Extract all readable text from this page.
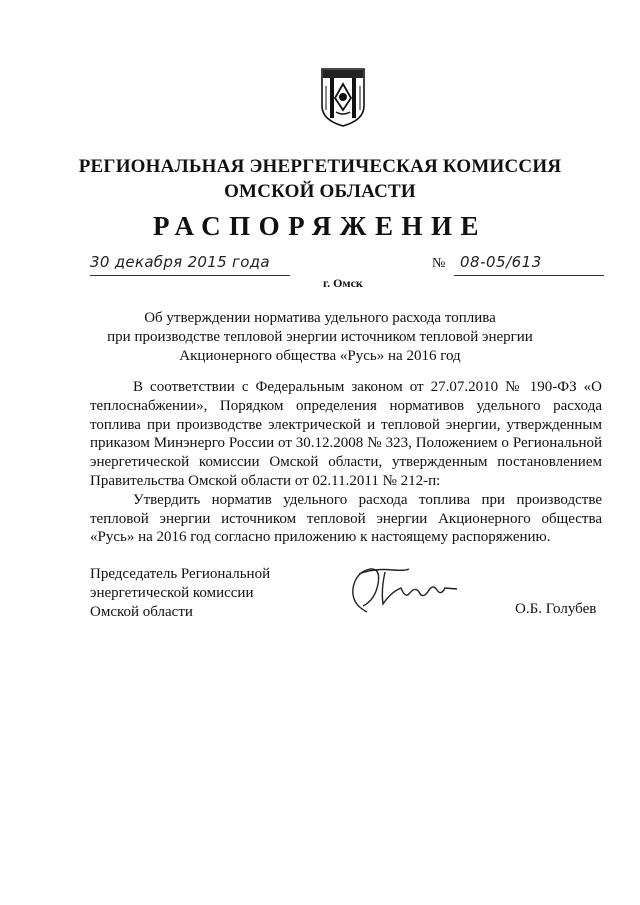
РЕГИОНАЛЬНАЯ ЭНЕРГЕТИЧЕСКАЯ КОМИССИЯ
ОМСКОЙ ОБЛАСТИ
РАСПОРЯЖЕНИЕ
30 декабря 2015 года
г. Омск
№ 08-05/613
Об утверждении норматива удельного расхода топлива
при производстве тепловой энергии источником тепловой энергии
Акционерного общества «Русь» на 2016 год

В соответствии с Федеральным законом от 27.07.2010 № 190-ФЗ «О теплоснабжении», Порядком определения нормативов удельного расхода топлива при производстве электрической и тепловой энергии, утвержденным приказом Минэнерго России от 30.12.2008 № 323, Положением о Региональной энергетической комиссии Омской области, утвержденным постановлением Правительства Омской области от 02.11.2011 № 212-п:

Утвердить норматив удельного расхода топлива при производстве тепловой энергии источником тепловой энергии Акционерного общества «Русь» на 2016 год согласно приложению к настоящему распоряжению.

Председатель Региональной
энергетической комиссии
Омской области	О.Б. Голубев
